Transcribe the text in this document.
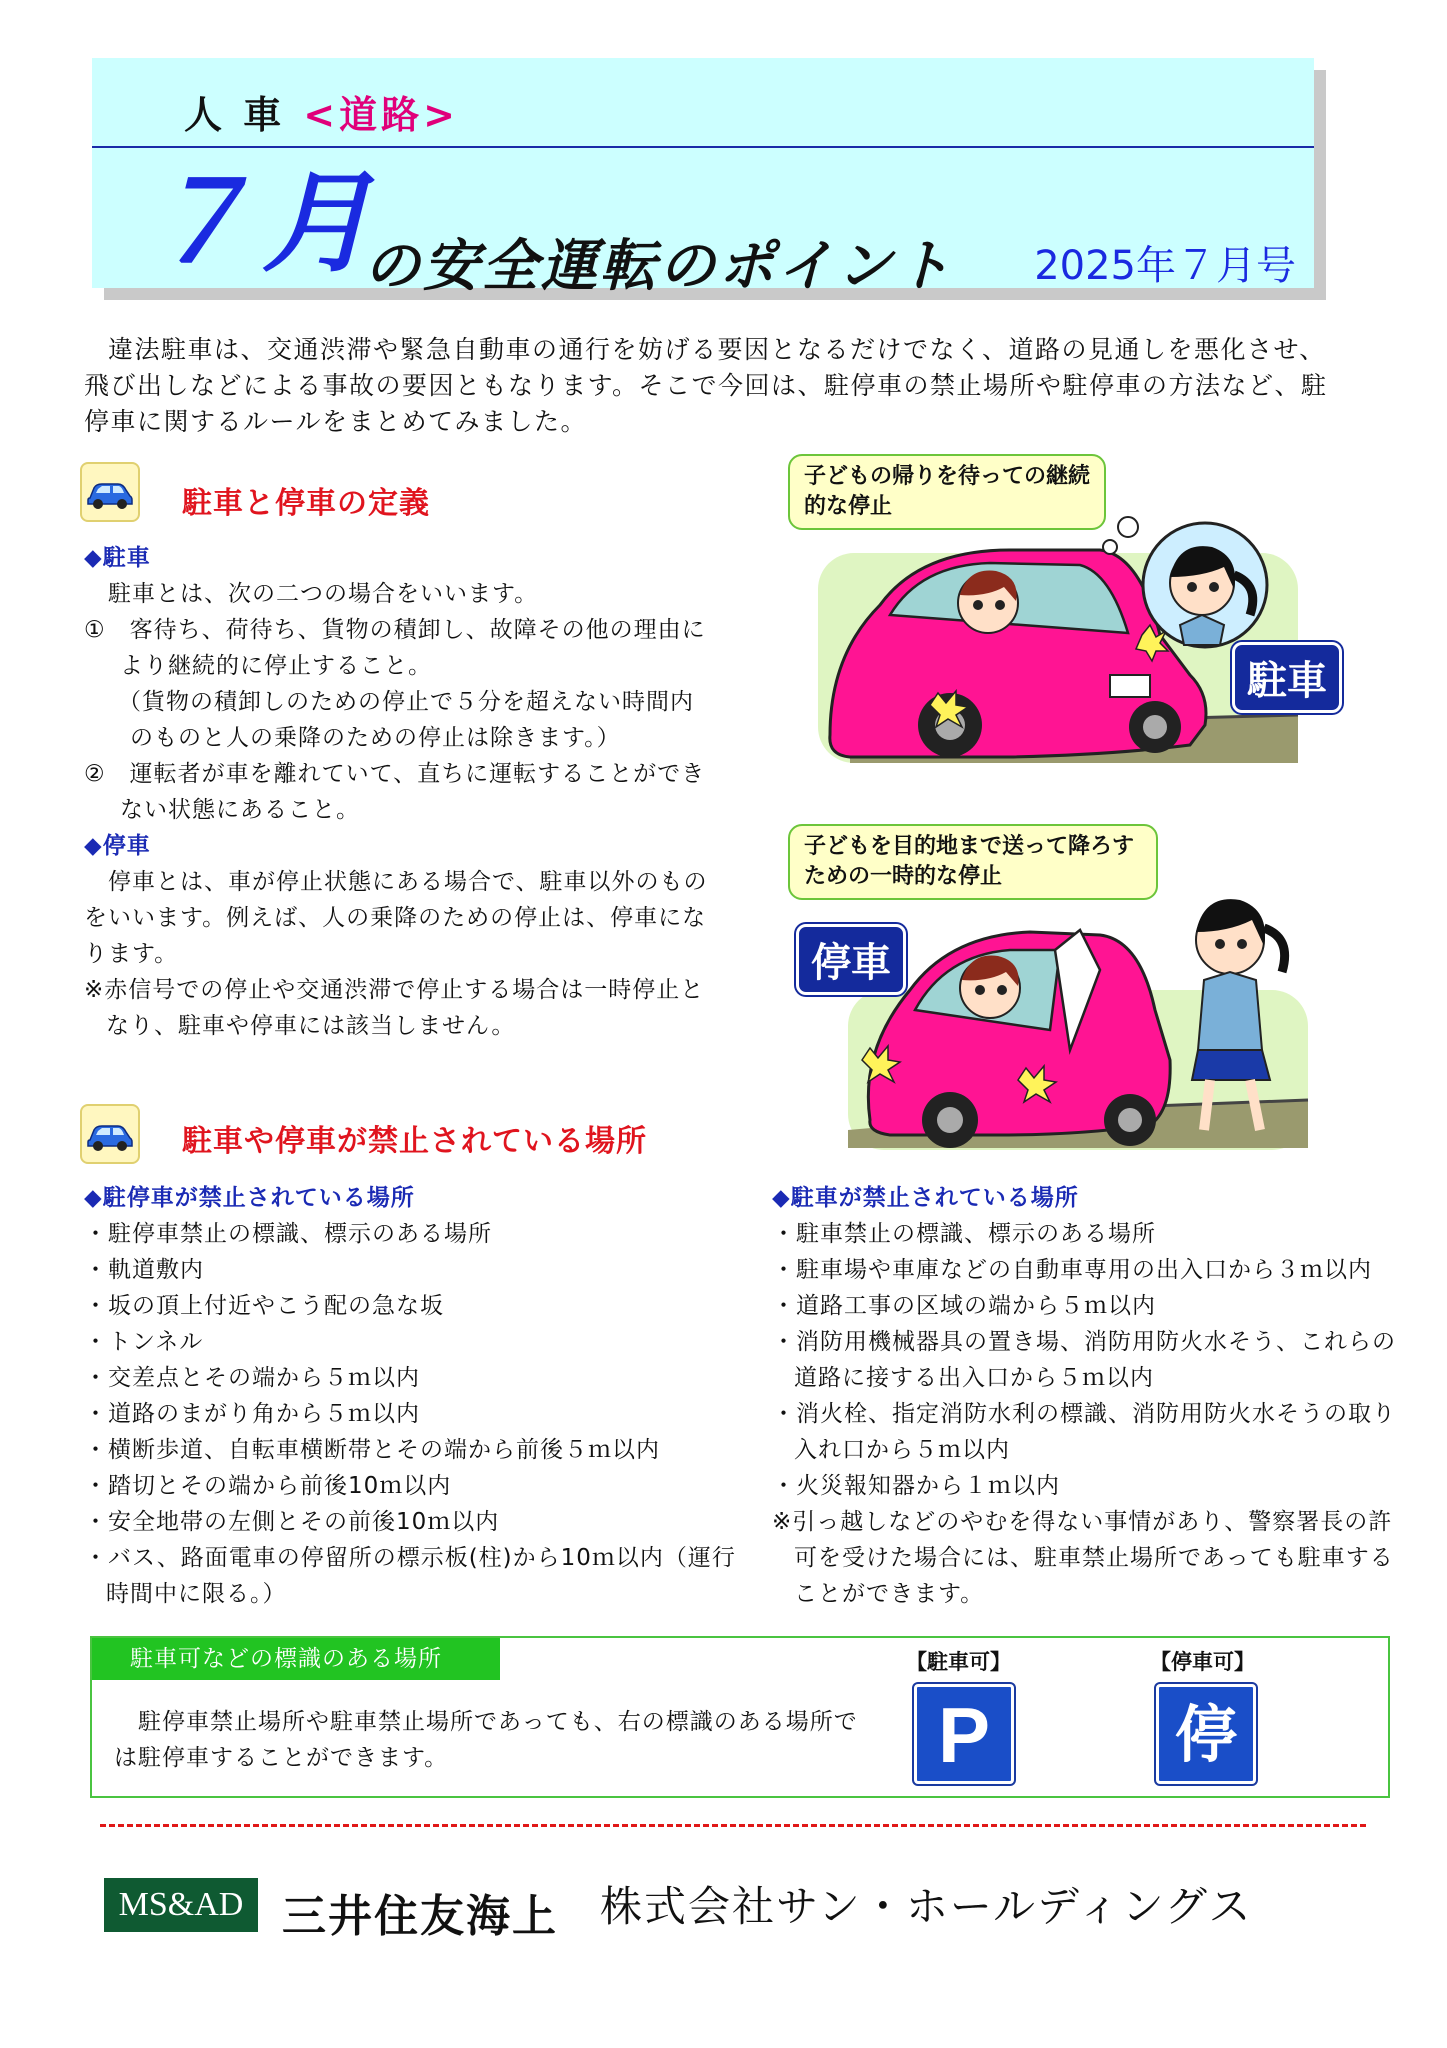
人 車 <道路>
７月
の安全運転のポイント 2025年７月号
違法駐車は、交通渋滞や緊急自動車の通行を妨げる要因となるだけでなく、道路の見通しを悪化させ、飛び出しなどによる事故の要因ともなります。そこで今回は、駐停車の禁止場所や駐停車の方法など、駐停車に関するルールをまとめてみました。
駐車と停車の定義
◆駐車
駐車とは、次の二つの場合をいいます。
①　客待ち、荷待ち、貨物の積卸し、故障その他の理由により継続的に停止すること。
（貨物の積卸しのための停止で５分を超えない時間内のものと人の乗降のための停止は除きます。）
②　運転者が車を離れていて、直ちに運転することができない状態にあること。
◆停車
停車とは、車が停止状態にある場合で、駐車以外のものをいいます。例えば、人の乗降のための停止は、停車になります。
※赤信号での停止や交通渋滞で停止する場合は一時停止となり、駐車や停車には該当しません。
子どもの帰りを待っての継続的な停止
駐車
子どもを目的地まで送って降ろすための一時的な停止
停車
駐車や停車が禁止されている場所
◆駐停車が禁止されている場所
・駐停車禁止の標識、標示のある場所
・軌道敷内
・坂の頂上付近やこう配の急な坂
・トンネル
・交差点とその端から５ｍ以内
・道路のまがり角から５ｍ以内
・横断歩道、自転車横断帯とその端から前後５ｍ以内
・踏切とその端から前後10ｍ以内
・安全地帯の左側とその前後10ｍ以内
・バス、路面電車の停留所の標示板(柱)から10ｍ以内（運行時間中に限る。）
◆駐車が禁止されている場所
・駐車禁止の標識、標示のある場所
・駐車場や車庫などの自動車専用の出入口から３ｍ以内
・道路工事の区域の端から５ｍ以内
・消防用機械器具の置き場、消防用防火水そう、これらの道路に接する出入口から５ｍ以内
・消火栓、指定消防水利の標識、消防用防火水そうの取り入れ口から５ｍ以内
・火災報知器から１ｍ以内
※引っ越しなどのやむを得ない事情があり、警察署長の許可を受けた場合には、駐車禁止場所であっても駐車することができます。
駐車可などの標識のある場所
駐停車禁止場所や駐車禁止場所であっても、右の標識のある場所では駐停車することができます。
【駐車可】
P
【停車可】
停
MS&AD 三井住友海上 株式会社サン・ホールディングス
